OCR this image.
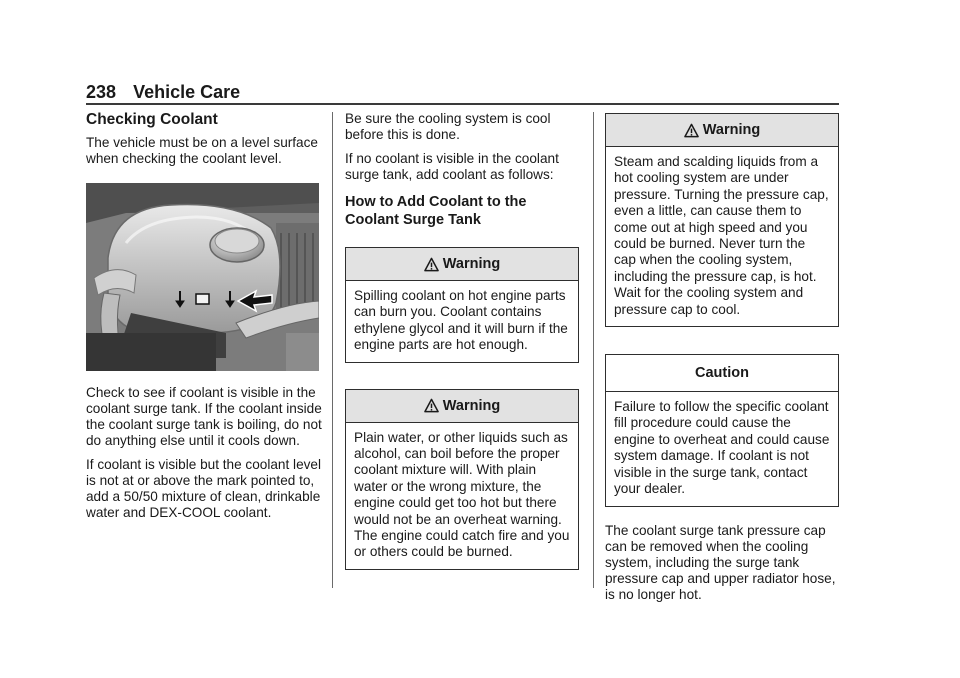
238 Vehicle Care
Checking Coolant

The vehicle must be on a level surface when checking the coolant level.

Check to see if coolant is visible in the coolant surge tank. If the coolant inside the coolant surge tank is boiling, do not do anything else until it cools down.

If coolant is visible but the coolant level is not at or above the mark pointed to, add a 50/50 mixture of clean, drinkable water and DEX-COOL coolant.

Be sure the cooling system is cool before this is done.

If no coolant is visible in the coolant surge tank, add coolant as follows:

How to Add Coolant to the Coolant Surge Tank
Warning
Spilling coolant on hot engine parts can burn you. Coolant contains ethylene glycol and it will burn if the engine parts are hot enough.
Warning
Plain water, or other liquids such as alcohol, can boil before the proper coolant mixture will. With plain water or the wrong mixture, the engine could get too hot but there would not be an overheat warning. The engine could catch fire and you or others could be burned.
Warning
Steam and scalding liquids from a hot cooling system are under pressure. Turning the pressure cap, even a little, can cause them to come out at high speed and you could be burned. Never turn the cap when the cooling system, including the pressure cap, is hot. Wait for the cooling system and pressure cap to cool.
Caution
Failure to follow the specific coolant fill procedure could cause the engine to overheat and could cause system damage. If coolant is not visible in the surge tank, contact your dealer.
The coolant surge tank pressure cap can be removed when the cooling system, including the surge tank pressure cap and upper radiator hose, is no longer hot.
